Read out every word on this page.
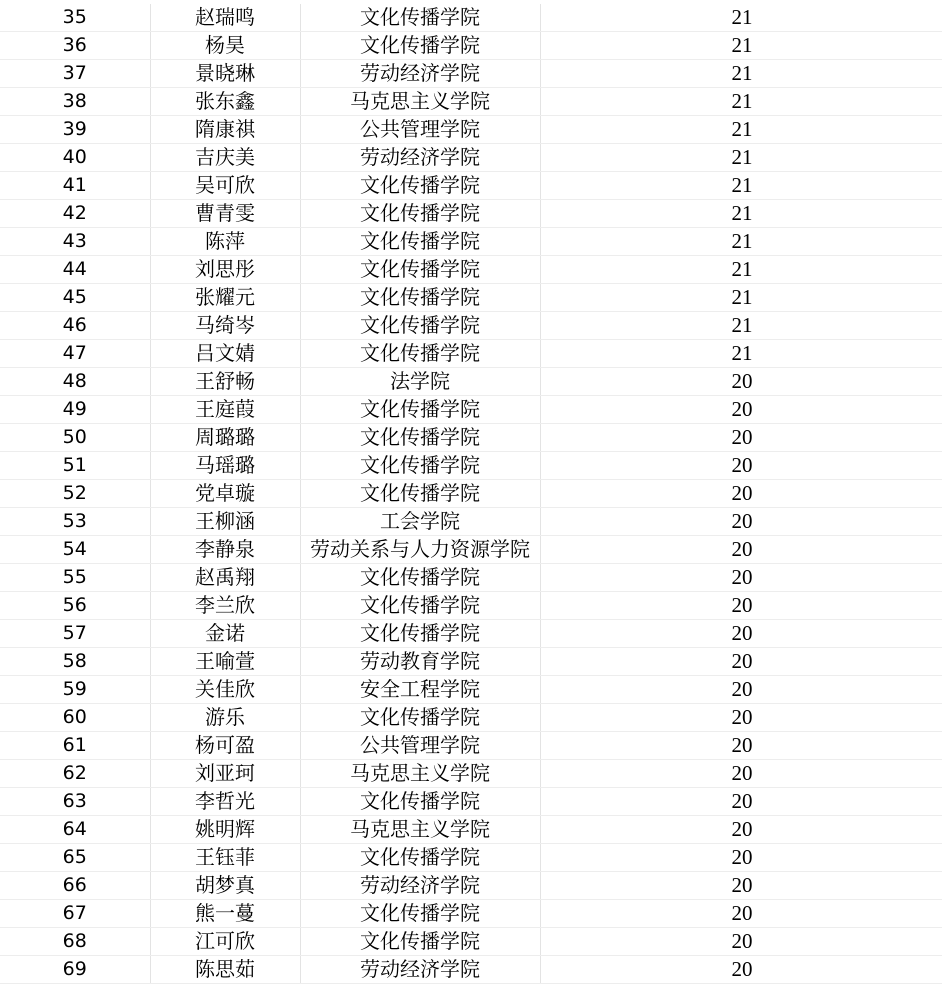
35	赵瑞鸣	文化传播学院	21
36	杨昊	文化传播学院	21
37	景晓琳	劳动经济学院	21
38	张东鑫	马克思主义学院	21
39	隋康祺	公共管理学院	21
40	吉庆美	劳动经济学院	21
41	吴可欣	文化传播学院	21
42	曹青雯	文化传播学院	21
43	陈萍	文化传播学院	21
44	刘思彤	文化传播学院	21
45	张耀元	文化传播学院	21
46	马绮岑	文化传播学院	21
47	吕文婧	文化传播学院	21
48	王舒畅	法学院	20
49	王庭葭	文化传播学院	20
50	周璐璐	文化传播学院	20
51	马瑶璐	文化传播学院	20
52	党卓璇	文化传播学院	20
53	王柳涵	工会学院	20
54	李静泉	劳动关系与人力资源学院	20
55	赵禹翔	文化传播学院	20
56	李兰欣	文化传播学院	20
57	金诺	文化传播学院	20
58	王喻萱	劳动教育学院	20
59	关佳欣	安全工程学院	20
60	游乐	文化传播学院	20
61	杨可盈	公共管理学院	20
62	刘亚珂	马克思主义学院	20
63	李哲光	文化传播学院	20
64	姚明辉	马克思主义学院	20
65	王钰菲	文化传播学院	20
66	胡梦真	劳动经济学院	20
67	熊一蔓	文化传播学院	20
68	江可欣	文化传播学院	20
69	陈思茹	劳动经济学院	20
